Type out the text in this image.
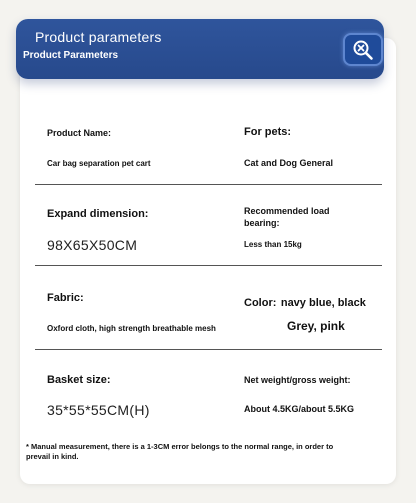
Product parameters
Product Parameters
Product Name:	For pets:
Car bag separation pet cart	Cat and Dog General
Expand dimension:	Recommended load bearing:
98X65X50CM	Less than 15kg
Fabric:	Color: navy blue, black
Oxford cloth, high strength breathable mesh	Grey, pink
Basket size:	Net weight/gross weight:
35*55*55CM(H)	About 4.5KG/about 5.5KG
* Manual measurement, there is a 1-3CM error belongs to the normal range, in order to prevail in kind.
